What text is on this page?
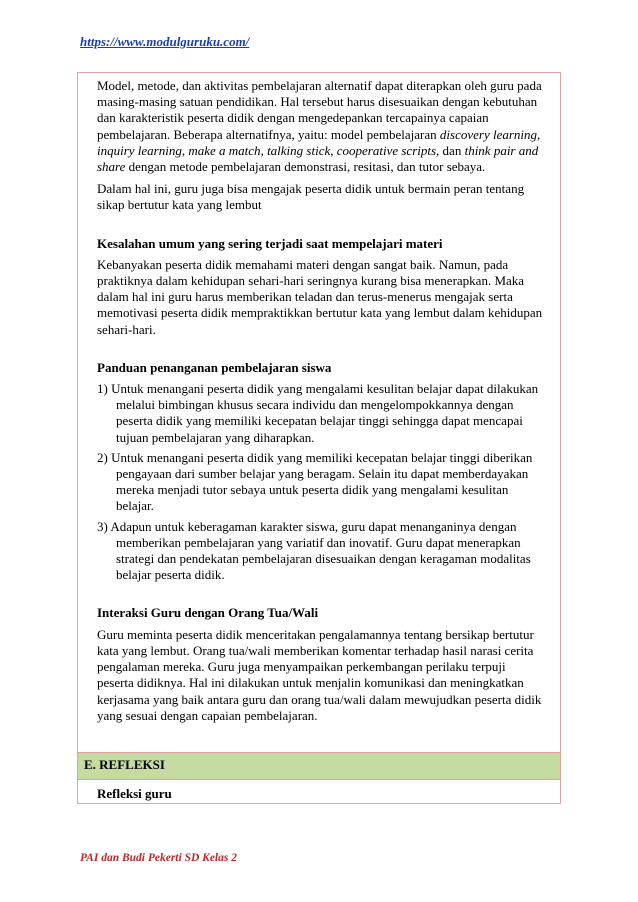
https://www.modulguruku.com/

Model, metode, dan aktivitas pembelajaran alternatif dapat diterapkan oleh guru pada masing-masing satuan pendidikan. Hal tersebut harus disesuaikan dengan kebutuhan dan karakteristik peserta didik dengan mengedepankan tercapainya capaian pembelajaran. Beberapa alternatifnya, yaitu: model pembelajaran discovery learning, inquiry learning, make a match, talking stick, cooperative scripts, dan think pair and share dengan metode pembelajaran demonstrasi, resitasi, dan tutor sebaya.

Dalam hal ini, guru juga bisa mengajak peserta didik untuk bermain peran tentang sikap bertutur kata yang lembut

Kesalahan umum yang sering terjadi saat mempelajari materi

Kebanyakan peserta didik memahami materi dengan sangat baik. Namun, pada praktiknya dalam kehidupan sehari-hari seringnya kurang bisa menerapkan. Maka dalam hal ini guru harus memberikan teladan dan terus-menerus mengajak serta memotivasi peserta didik mempraktikkan bertutur kata yang lembut dalam kehidupan sehari-hari.

Panduan penanganan pembelajaran siswa

1) Untuk menangani peserta didik yang mengalami kesulitan belajar dapat dilakukan melalui bimbingan khusus secara individu dan mengelompokkannya dengan peserta didik yang memiliki kecepatan belajar tinggi sehingga dapat mencapai tujuan pembelajaran yang diharapkan.

2) Untuk menangani peserta didik yang memiliki kecepatan belajar tinggi diberikan pengayaan dari sumber belajar yang beragam. Selain itu dapat memberdayakan mereka menjadi tutor sebaya untuk peserta didik yang mengalami kesulitan belajar.

3) Adapun untuk keberagaman karakter siswa, guru dapat menanganinya dengan memberikan pembelajaran yang variatif dan inovatif. Guru dapat menerapkan strategi dan pendekatan pembelajaran disesuaikan dengan keragaman modalitas belajar peserta didik.

Interaksi Guru dengan Orang Tua/Wali

Guru meminta peserta didik menceritakan pengalamannya tentang bersikap bertutur kata yang lembut. Orang tua/wali memberikan komentar terhadap hasil narasi cerita pengalaman mereka. Guru juga menyampaikan perkembangan perilaku terpuji peserta didiknya. Hal ini dilakukan untuk menjalin komunikasi dan meningkatkan kerjasama yang baik antara guru dan orang tua/wali dalam mewujudkan peserta didik yang sesuai dengan capaian pembelajaran.

E. REFLEKSI
Refleksi guru
PAI dan Budi Pekerti SD Kelas 2
